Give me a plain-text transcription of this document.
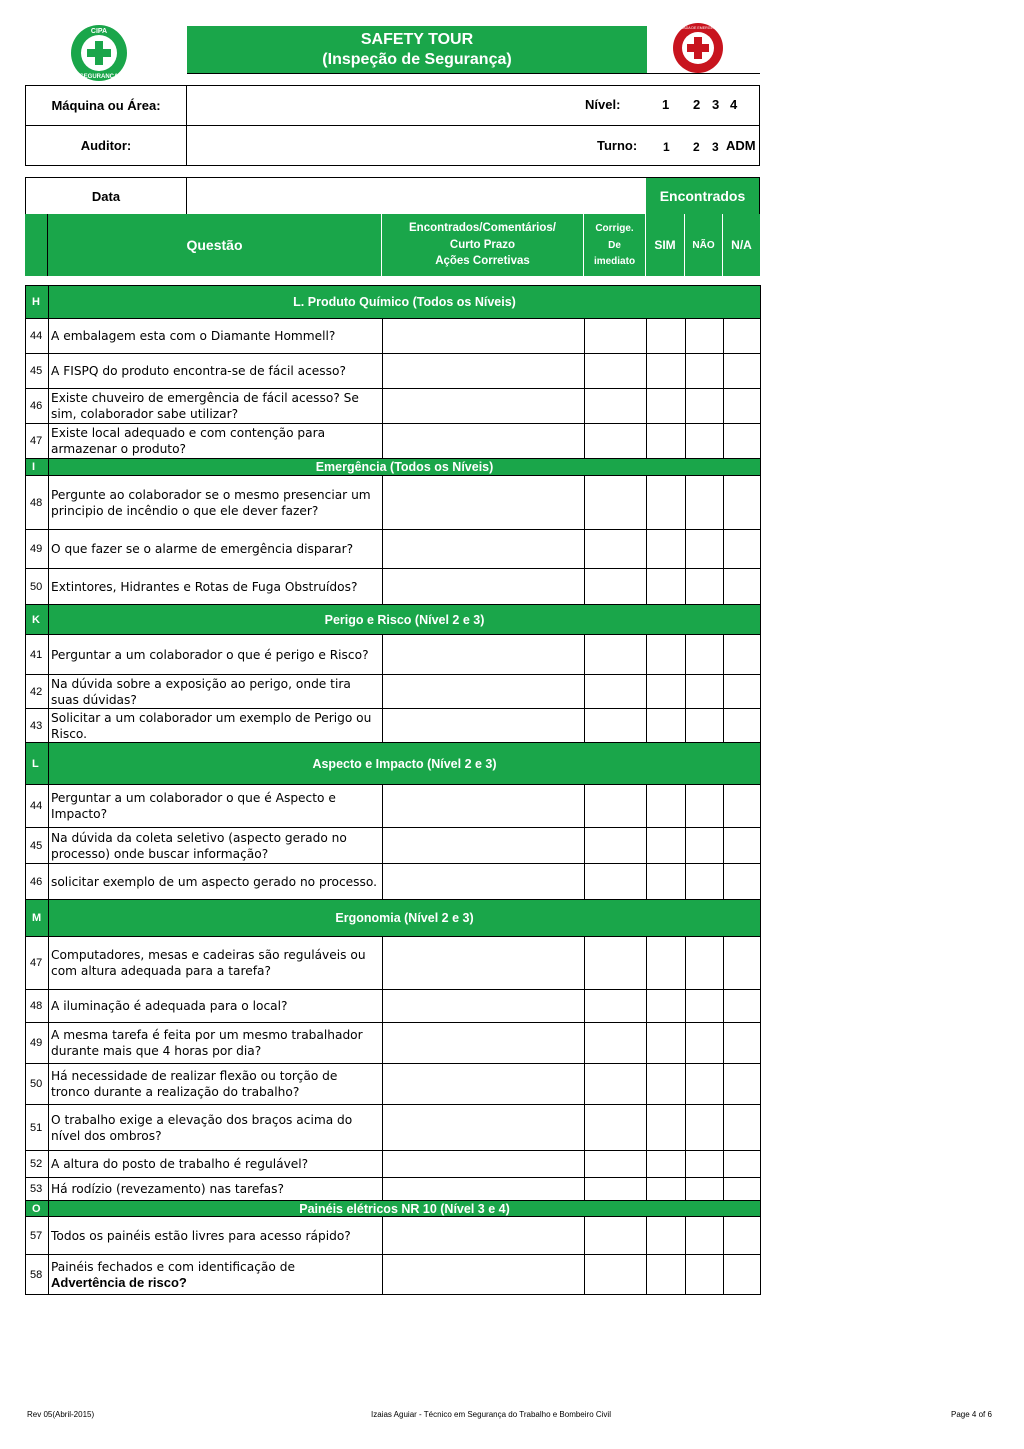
CIPA
SEGURANÇA
SAFETY TOUR
(Inspeção de Segurança)
BRIGADA DE EMERGÊNCIA
Máquina ou Área:	Nível:	1 2 3 4
Auditor:	Turno: 1 2 3 ADM
Data	Encontrados
Questão
Encontrados/Comentários/
Curto Prazo
Ações Corretivas
Corrige.
De
imediato
SIM	NÃO	N/A
H	L. Produto Químico (Todos os Níveis)					
44	A embalagem esta com o Diamante Hommell?					
45	A FISPQ do produto encontra-se de fácil acesso?					
46	Existe chuveiro de emergência de fácil acesso? Se sim, colaborador sabe utilizar?					
47	Existe local adequado e com contenção para armazenar o produto?					
I	Emergência (Todos os Níveis)					
48	Pergunte ao colaborador se o mesmo presenciar um principio de incêndio o que ele dever fazer?					
49	O que fazer se o alarme de emergência disparar?					
50	Extintores, Hidrantes e Rotas de Fuga Obstruídos?					
K	Perigo e Risco (Nível 2 e 3)					
41	Perguntar a um colaborador o que é perigo e Risco?					
42	Na dúvida sobre a exposição ao perigo, onde tira suas dúvidas?					
43	Solicitar a um colaborador um exemplo de Perigo ou Risco.					
L	Aspecto e Impacto (Nível 2 e 3)					
44	Perguntar a um colaborador o que é Aspecto e Impacto?					
45	Na dúvida da coleta seletivo (aspecto gerado no processo) onde buscar informação?					
46	solicitar exemplo de um aspecto gerado no processo.					
M	Ergonomia (Nível 2 e 3)					
47	Computadores, mesas e cadeiras são reguláveis ou com altura adequada para a tarefa?					
48	A iluminação é adequada para o local?					
49	A mesma tarefa é feita por um mesmo trabalhador durante mais que 4 horas por dia?					
50	Há necessidade de realizar flexão ou torção de tronco durante a realização do trabalho?					
51	O trabalho exige a elevação dos braços acima do nível dos ombros?					
52	A altura do posto de trabalho é regulável?					
53	Há rodízio (revezamento) nas tarefas?					
O	Painéis elétricos NR 10 (Nível 3 e 4)					
57	Todos os painéis estão livres para acesso rápido?					
58	Painéis fechados e com identificação de
Advertência de risco?					

Rev 05(Abril-2015)	Izaias Aguiar - Técnico em Segurança do Trabalho e Bombeiro Civil	Page 4 of 6
